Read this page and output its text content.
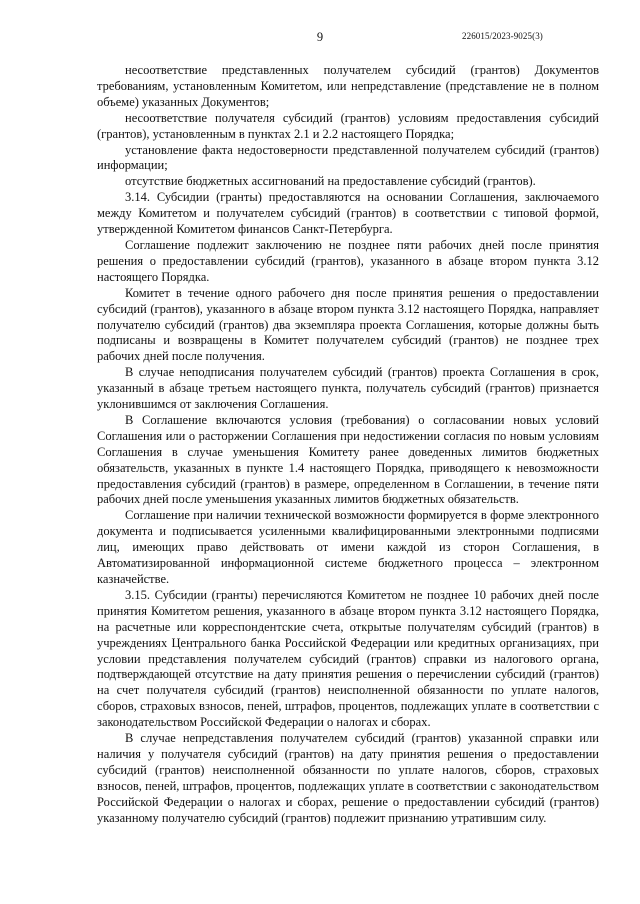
9	226015/2023-9025(3)

несоответствие представленных получателем субсидий (грантов) Документов требованиям, установленным Комитетом, или непредставление (представление не в полном объеме) указанных Документов;

несоответствие получателя субсидий (грантов) условиям предоставления субсидий (грантов), установленным в пунктах 2.1 и 2.2 настоящего Порядка;

установление факта недостоверности представленной получателем субсидий (грантов) информации;

отсутствие бюджетных ассигнований на предоставление субсидий (грантов).

3.14. Субсидии (гранты) предоставляются на основании Соглашения, заключаемого между Комитетом и получателем субсидий (грантов) в соответствии с типовой формой, утвержденной Комитетом финансов Санкт-Петербурга.

Соглашение подлежит заключению не позднее пяти рабочих дней после принятия решения о предоставлении субсидий (грантов), указанного в абзаце втором пункта 3.12 настоящего Порядка.

Комитет в течение одного рабочего дня после принятия решения о предоставлении субсидий (грантов), указанного в абзаце втором пункта 3.12 настоящего Порядка, направляет получателю субсидий (грантов) два экземпляра проекта Соглашения, которые должны быть подписаны и возвращены в Комитет получателем субсидий (грантов) не позднее трех рабочих дней после получения.

В случае неподписания получателем субсидий (грантов) проекта Соглашения в срок, указанный в абзаце третьем настоящего пункта, получатель субсидий (грантов) признается уклонившимся от заключения Соглашения.

В Соглашение включаются условия (требования) о согласовании новых условий Соглашения или о расторжении Соглашения при недостижении согласия по новым условиям Соглашения в случае уменьшения Комитету ранее доведенных лимитов бюджетных обязательств, указанных в пункте 1.4 настоящего Порядка, приводящего к невозможности предоставления субсидий (грантов) в размере, определенном в Соглашении, в течение пяти рабочих дней после уменьшения указанных лимитов бюджетных обязательств.

Соглашение при наличии технической возможности формируется в форме электронного документа и подписывается усиленными квалифицированными электронными подписями лиц, имеющих право действовать от имени каждой из сторон Соглашения, в Автоматизированной информационной системе бюджетного процесса – электронном казначействе.

3.15. Субсидии (гранты) перечисляются Комитетом не позднее 10 рабочих дней после принятия Комитетом решения, указанного в абзаце втором пункта 3.12 настоящего Порядка, на расчетные или корреспондентские счета, открытые получателям субсидий (грантов) в учреждениях Центрального банка Российской Федерации или кредитных организациях, при условии представления получателем субсидий (грантов) справки из налогового органа, подтверждающей отсутствие на дату принятия решения о перечислении субсидий (грантов) на счет получателя субсидий (грантов) неисполненной обязанности по уплате налогов, сборов, страховых взносов, пеней, штрафов, процентов, подлежащих уплате в соответствии с законодательством Российской Федерации о налогах и сборах.

В случае непредставления получателем субсидий (грантов) указанной справки или наличия у получателя субсидий (грантов) на дату принятия решения о предоставлении субсидий (грантов) неисполненной обязанности по уплате налогов, сборов, страховых взносов, пеней, штрафов, процентов, подлежащих уплате в соответствии с законодательством Российской Федерации о налогах и сборах, решение о предоставлении субсидий (грантов) указанному получателю субсидий (грантов) подлежит признанию утратившим силу.
